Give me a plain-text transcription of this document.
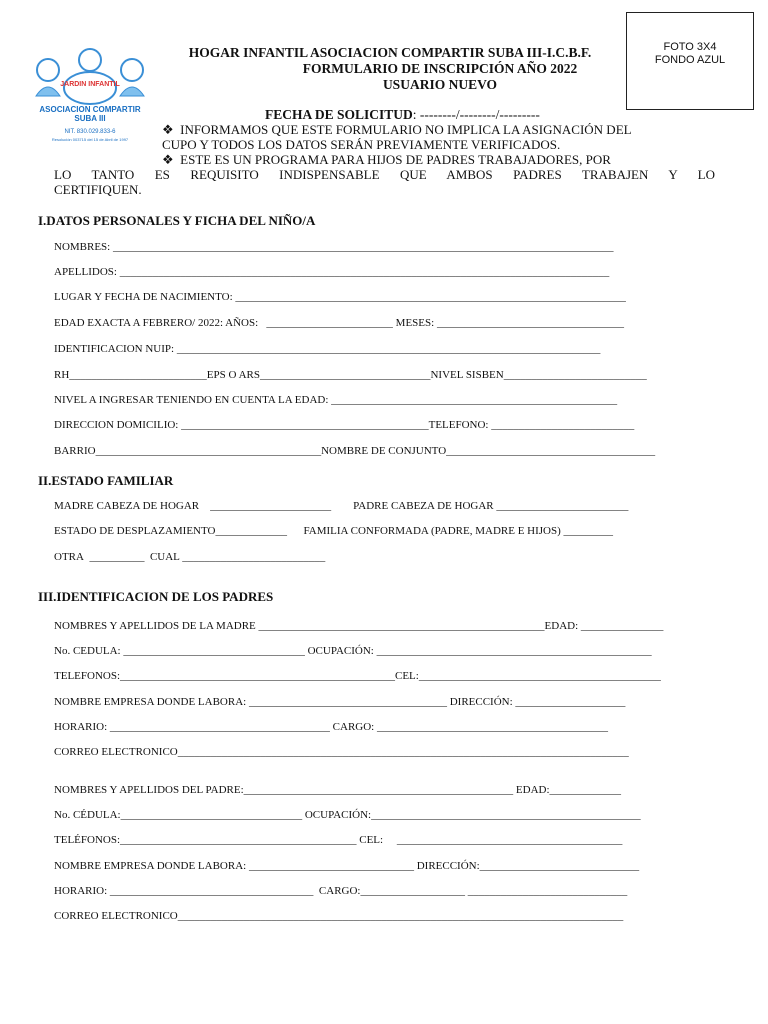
JARDIN INFANTIL
ASOCIACION COMPARTIR
SUBA III
NIT. 830.029.833-6
Resolución 003715 del 15 de Abril de 1997
HOGAR INFANTIL ASOCIACION COMPARTIR SUBA III-I.C.B.F.
FORMULARIO DE INSCRIPCIÓN AÑO 2022
USUARIO NUEVO
FECHA DE SOLICITUD: --------/--------/---------
FOTO 3X4
FONDO AZUL
❖ INFORMAMOS QUE ESTE FORMULARIO NO IMPLICA LA ASIGNACIÓN DEL
CUPO Y TODOS LOS DATOS SERÁN PREVIAMENTE VERIFICADOS.
❖ ESTE ES UN PROGRAMA PARA HIJOS DE PADRES TRABAJADORES, POR
LO TANTO ES REQUISITO INDISPENSABLE QUE AMBOS PADRES TRABAJEN Y LO
CERTIFIQUEN.
I.DATOS PERSONALES Y FICHA DEL NIÑO/A
NOMBRES: ___________________________________________________________________________________________
APELLIDOS: _________________________________________________________________________________________
LUGAR Y FECHA DE NACIMIENTO: _______________________________________________________________________
EDAD EXACTA A FEBRERO/ 2022: AÑOS: _______________________ MESES: __________________________________
IDENTIFICACION NUIP: _____________________________________________________________________________
RH_________________________EPS O ARS_______________________________NIVEL SISBEN__________________________
NIVEL A INGRESAR TENIENDO EN CUENTA LA EDAD: ____________________________________________________
DIRECCION DOMICILIO: _____________________________________________TELEFONO: __________________________
BARRIO_________________________________________NOMBRE DE CONJUNTO______________________________________
II.ESTADO FAMILIAR
MADRE CABEZA DE HOGAR ______________________ PADRE CABEZA DE HOGAR ________________________
ESTADO DE DESPLAZAMIENTO_____________ FAMILIA CONFORMADA (PADRE, MADRE E HIJOS) _________
OTRA __________ CUAL __________________________
III.IDENTIFICACION DE LOS PADRES
NOMBRES Y APELLIDOS DE LA MADRE ____________________________________________________EDAD: _______________
No. CEDULA: _________________________________ OCUPACIÓN: __________________________________________________
TELEFONOS:__________________________________________________CEL:____________________________________________
NOMBRE EMPRESA DONDE LABORA: ____________________________________ DIRECCIÓN: ____________________
HORARIO: ________________________________________ CARGO: __________________________________________
CORREO ELECTRONICO__________________________________________________________________________________
NOMBRES Y APELLIDOS DEL PADRE:_________________________________________________ EDAD:_____________
No. CÉDULA:_________________________________ OCUPACIÓN:_________________________________________________
TELÉFONOS:___________________________________________ CEL: _________________________________________
NOMBRE EMPRESA DONDE LABORA: ______________________________ DIRECCIÓN:_____________________________
HORARIO: _____________________________________ CARGO:___________________ _____________________________
CORREO ELECTRONICO_________________________________________________________________________________
